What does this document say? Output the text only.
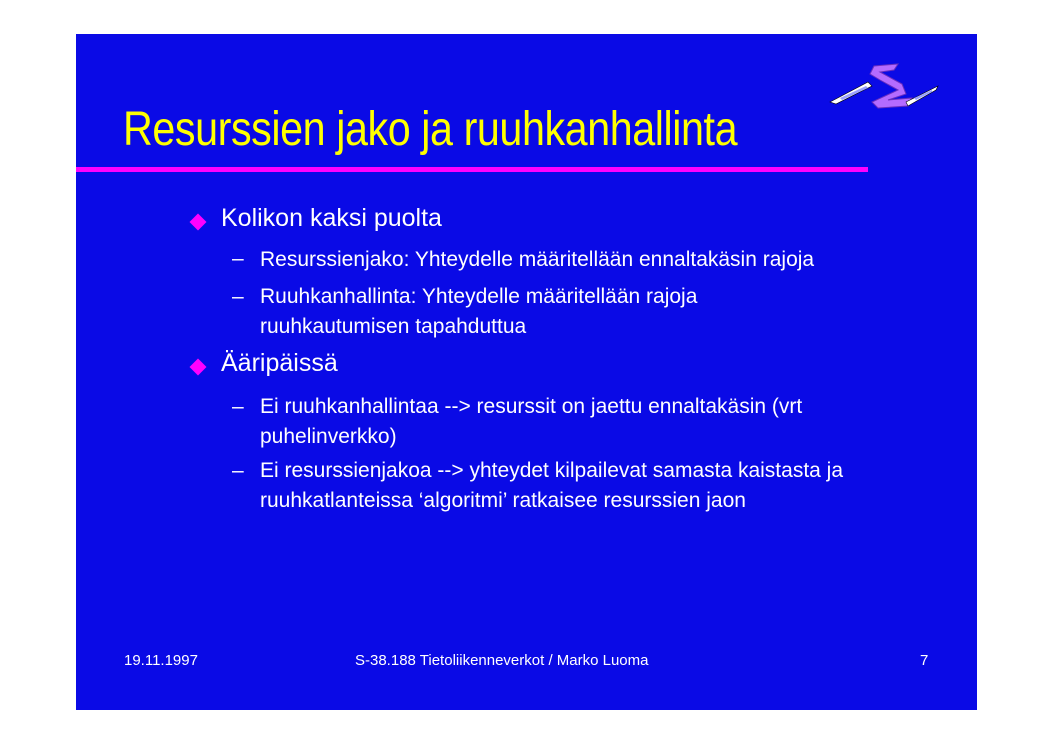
Resurssien jako ja ruuhkanhallinta
Kolikon kaksi puolta
– Resurssienjako: Yhteydelle määritellään ennaltakäsin rajoja
– Ruuhkanhallinta: Yhteydelle määritellään rajoja ruuhkautumisen tapahduttua
Ääripäissä
– Ei ruuhkanhallintaa --> resurssit on jaettu ennaltakäsin (vrt puhelinverkko)
– Ei resurssienjakoa --> yhteydet kilpailevat samasta kaistasta ja ruuhkatlanteissa ‘algoritmi’ ratkaisee resurssien jaon
19.11.1997	S-38.188 Tietoliikenneverkot / Marko Luoma	7
